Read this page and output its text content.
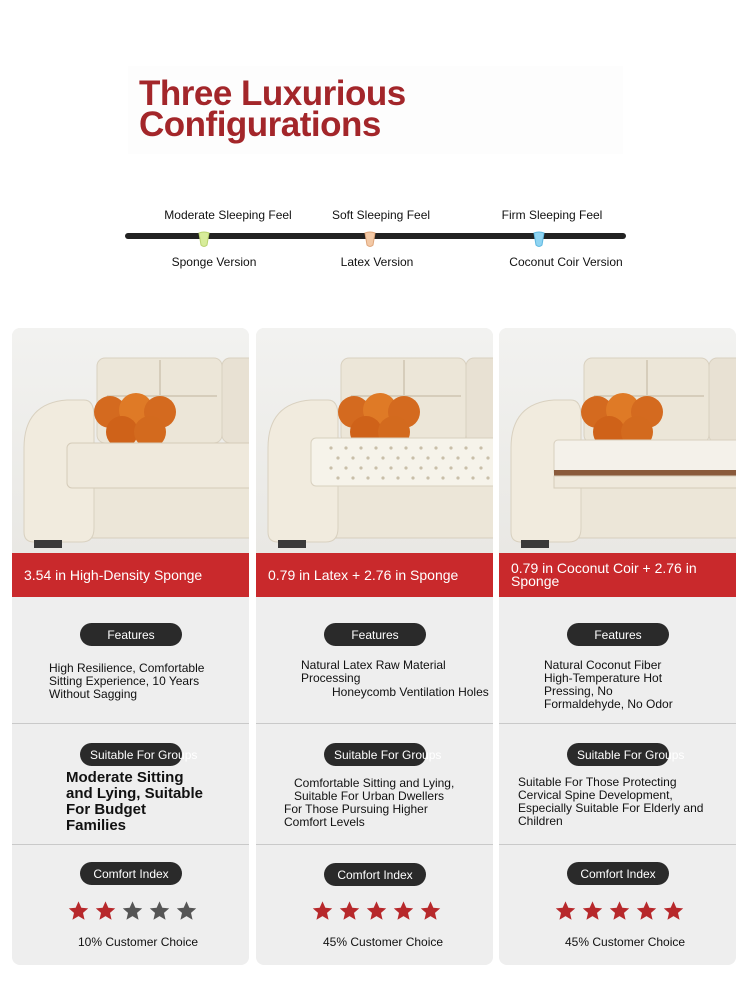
Three Luxurious
Configurations
Moderate Sleeping Feel	Soft Sleeping Feel	Firm Sleeping Feel
Sponge Version	Latex Version	Coconut Coir Version
3.54 in High-Density Sponge
Features
High Resilience, Comfortable
Sitting Experience, 10 Years
Without Sagging
Suitable For Groups
Moderate Sitting
and Lying, Suitable
For Budget
Families
Comfort Index
10% Customer Choice
0.79 in Latex + 2.76 in Sponge
Features
Natural Latex Raw Material
Processing
Honeycomb Ventilation Holes
Suitable For Groups
Comfortable Sitting and Lying,
Suitable For Urban Dwellers
For Those Pursuing Higher
Comfort Levels
Comfort Index
45% Customer Choice
0.79 in Coconut Coir + 2.76 in Sponge
Features
Natural Coconut Fiber
High-Temperature Hot
Pressing, No
Formaldehyde, No Odor
Suitable For Groups
Suitable For Those Protecting
Cervical Spine Development,
Especially Suitable For Elderly and
Children
Comfort Index
45% Customer Choice
